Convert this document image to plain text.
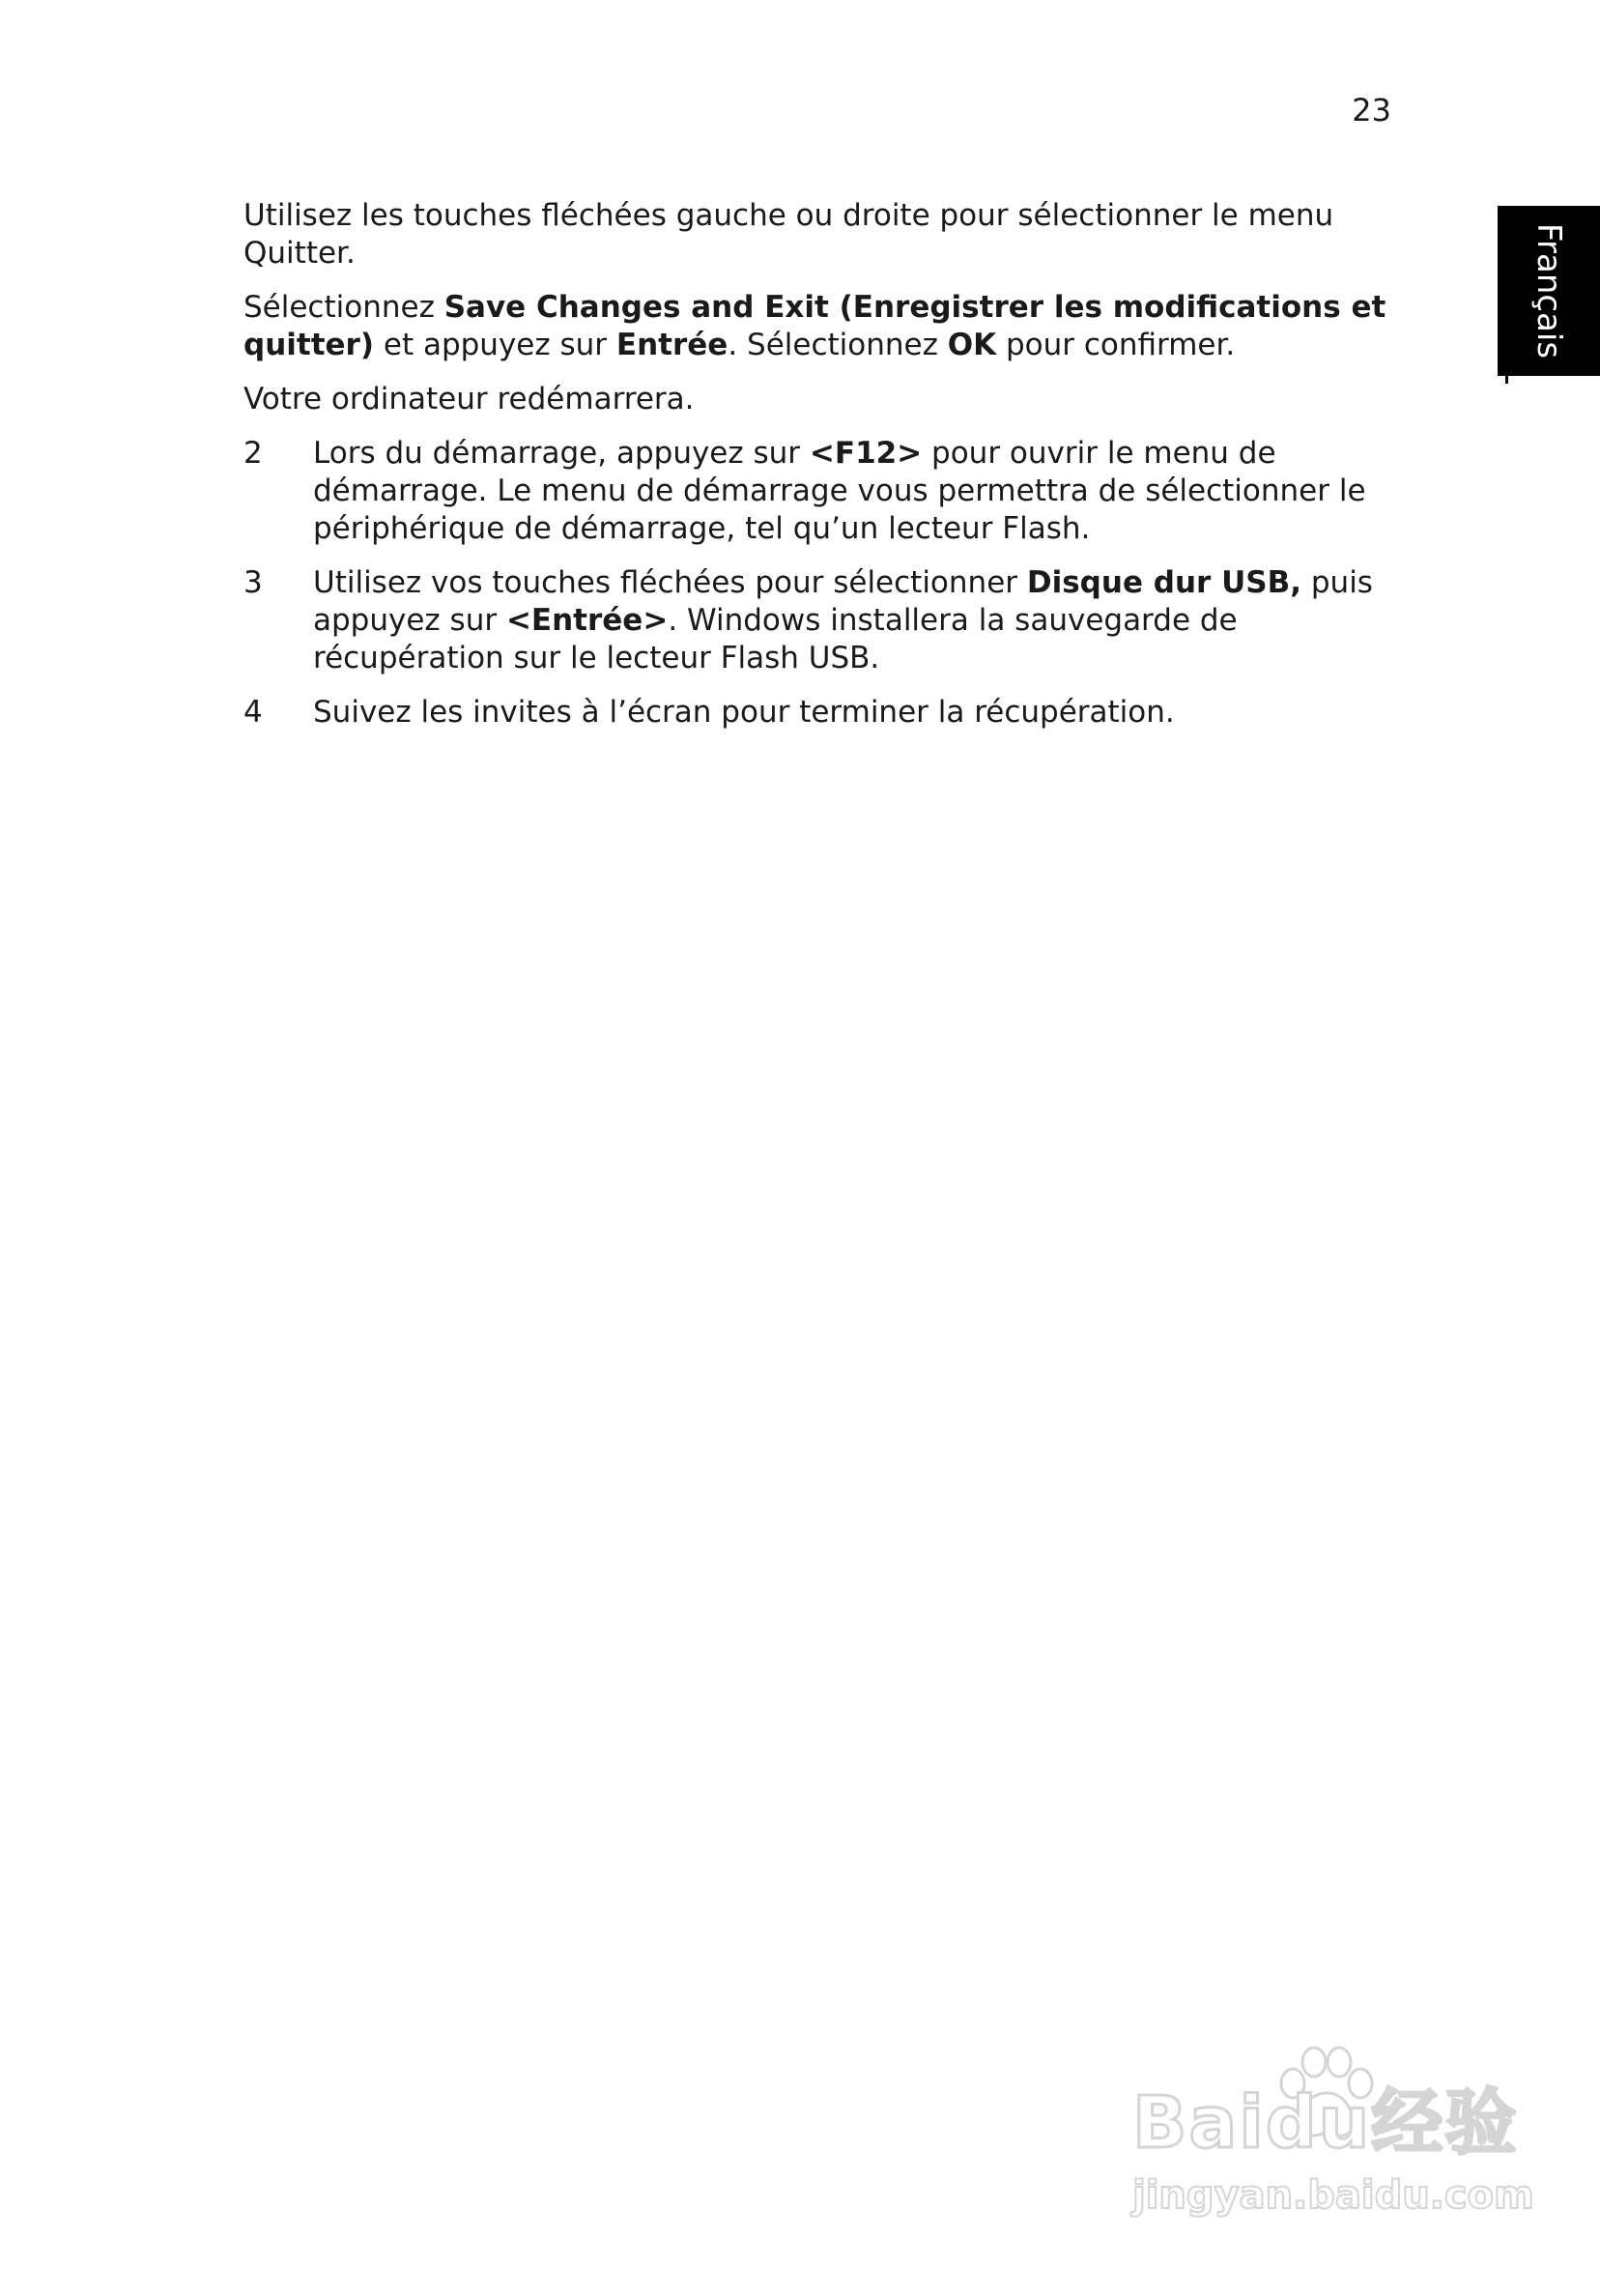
23
Français

Utilisez les touches fléchées gauche ou droite pour sélectionner le menu Quitter.

Sélectionnez Save Changes and Exit (Enregistrer les modifications et quitter) et appuyez sur Entrée. Sélectionnez OK pour confirmer.

Votre ordinateur redémarrera.

2 Lors du démarrage, appuyez sur <F12> pour ouvrir le menu de démarrage. Le menu de démarrage vous permettra de sélectionner le périphérique de démarrage, tel qu’un lecteur Flash.
3 Utilisez vos touches fléchées pour sélectionner Disque dur USB, puis appuyez sur <Entrée>. Windows installera la sauvegarde de récupération sur le lecteur Flash USB.
4 Suivez les invites à l’écran pour terminer la récupération.
Baidu经验
jingyan.baidu.com
